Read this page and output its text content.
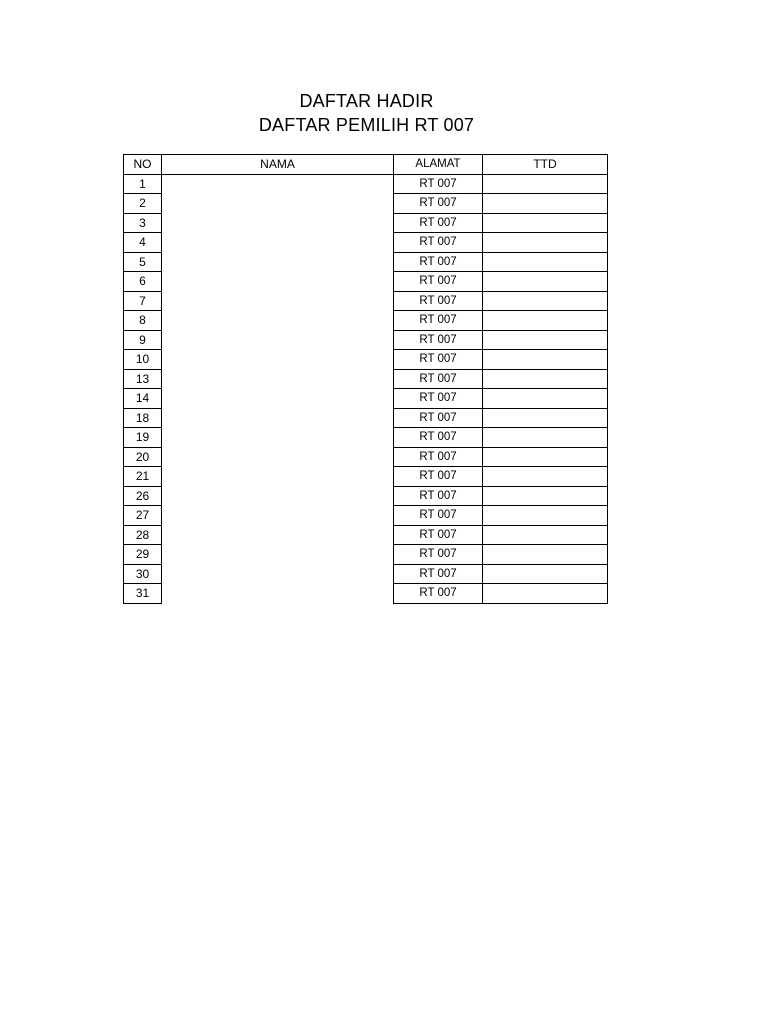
DAFTAR HADIR
DAFTAR PEMILIH RT 007
NO	NAMA	ALAMAT	TTD
1		RT 007	
2		RT 007	
3		RT 007	
4		RT 007	
5		RT 007	
6		RT 007	
7		RT 007	
8		RT 007	
9		RT 007	
10		RT 007	
13		RT 007	
14		RT 007	
18		RT 007	
19		RT 007	
20		RT 007	
21		RT 007	
26		RT 007	
27		RT 007	
28		RT 007	
29		RT 007	
30		RT 007	
31		RT 007	
